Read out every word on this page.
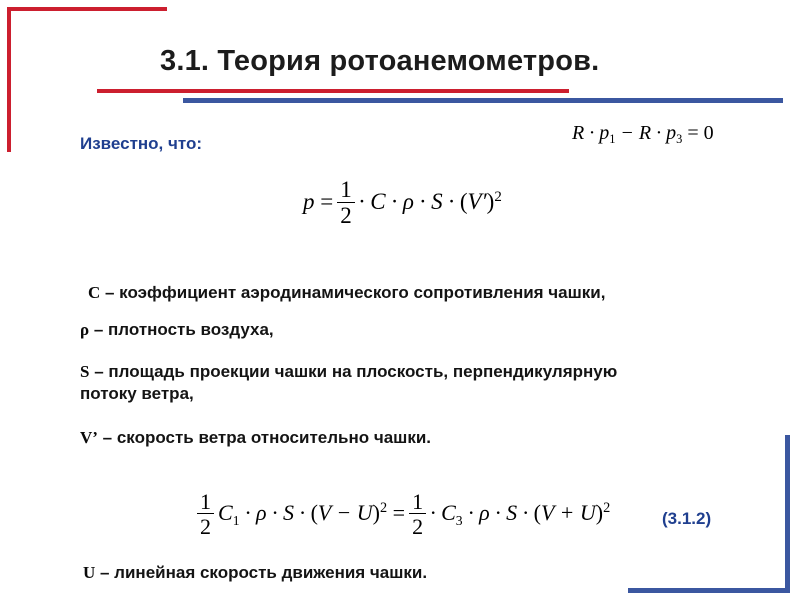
3.1. Теория ротоанемометров.
Известно, что:	$R \cdot p_1 - R \cdot p_3 = 0$
$p = \frac{1}{2} \cdot C \cdot \rho \cdot S \cdot (V')^2$
С – коэффициент аэродинамического сопротивления чашки,
ρ – плотность воздуха,
S – площадь проекции чашки на плоскость, перпендикулярную
потоку ветра,
V’ – скорость ветра относительно чашки.
$\frac{1}{2} C_1 \cdot \rho \cdot S \cdot (V - U)^2 = \frac{1}{2} \cdot C_3 \cdot \rho \cdot S \cdot (V + U)^2$
(3.1.2)
U – линейная скорость движения чашки.
